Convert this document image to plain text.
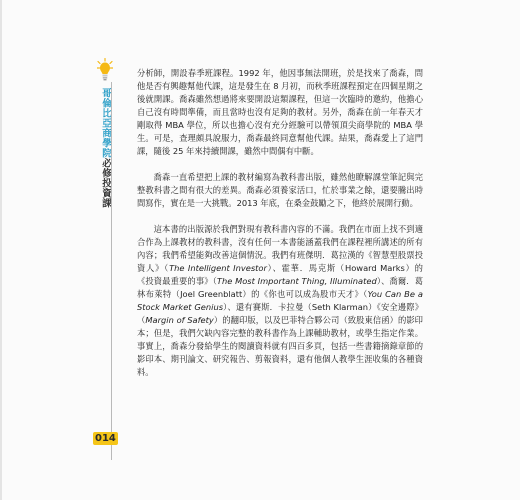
哥倫比亞商學院必修投資課
014

分析師，開設春季班課程。1992 年，他因事無法開班，於是找來了喬森，問他是否有興趣幫他代課，這是發生在 8 月初，而秋季班課程預定在四個星期之後就開課。喬森雖然想過將來要開設這類課程，但這一次臨時的邀約，他擔心自己沒有時間準備，而且當時也沒有足夠的教材。另外，喬森在前一年春天才剛取得 MBA 學位，所以也擔心沒有充分經驗可以帶領頂尖商學院的 MBA 學生。可是，查理頗具說服力，喬森最終同意幫他代課。結果，喬森愛上了這門課，隨後 25 年來持續開課，雖然中間偶有中斷。

喬森一直希望把上課的教材編寫為教科書出版，雖然他瞭解課堂筆記與完整教科書之間有很大的差異。喬森必須養家活口，忙於事業之餘，還要騰出時間寫作，實在是一大挑戰。2013 年底，在桑金鼓勵之下，他終於展開行動。

這本書的出版源於我們對現有教科書內容的不滿。我們在市面上找不到適合作為上課教材的教科書，沒有任何一本書能涵蓋我們在課程裡所講述的所有內容；我們希望能夠改善這個情況。我們有班傑明．葛拉漢的《智慧型股票投資人》（The Intelligent Investor）、霍華．馬克斯（Howard Marks）的《投資最重要的事》（The Most Important Thing, Illuminated）、喬爾．葛林布萊特（Joel Greenblatt）的《你也可以成為股市天才》（You Can Be a Stock Market Genius）、還有賽斯．卡拉曼（Seth Klarman）《安全邊際》（Margin of Safety）的翻印版，以及巴菲特合夥公司（致股東信函）的影印本；但是，我們欠缺內容完整的教科書作為上課輔助教材，或學生指定作業。事實上，喬森分發給學生的閱讀資料就有四百多頁，包括一些書籍摘錄章節的影印本、期刊論文、研究報告、剪報資料，還有他個人教學生涯收集的各種資料。
